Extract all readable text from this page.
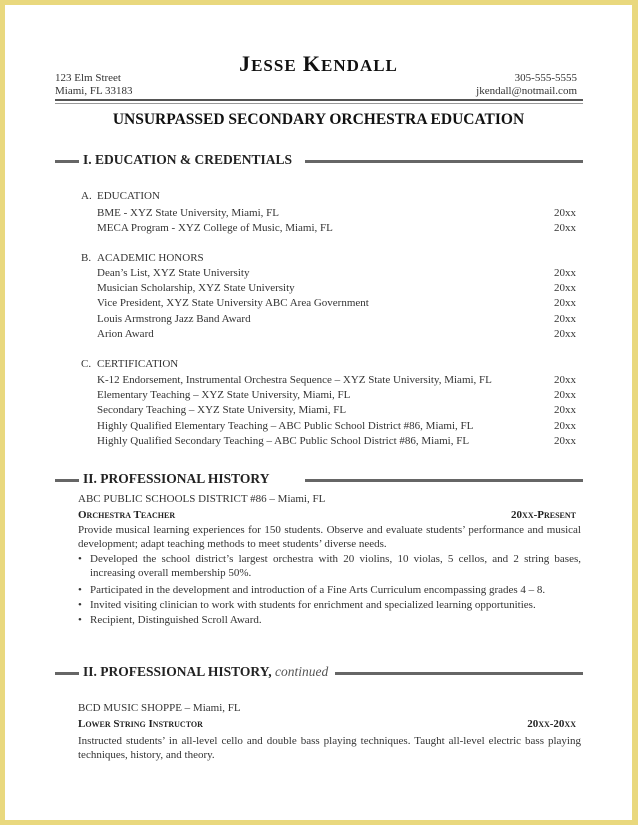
JESSE KENDALL
123 Elm Street
Miami, FL 33183
305-555-5555
jkendall@notmail.com
UNSURPASSED SECONDARY ORCHESTRA EDUCATION
I. EDUCATION & CREDENTIALS
A. EDUCATION
BME - XYZ State University, Miami, FL	20xx
MECA Program - XYZ College of Music, Miami, FL	20xx
B. ACADEMIC HONORS
Dean’s List, XYZ State University	20xx
Musician Scholarship, XYZ State University	20xx
Vice President, XYZ State University ABC Area Government	20xx
Louis Armstrong Jazz Band Award	20xx
Arion Award	20xx
C. CERTIFICATION
K-12 Endorsement, Instrumental Orchestra Sequence – XYZ State University, Miami, FL	20xx
Elementary Teaching – XYZ State University, Miami, FL	20xx
Secondary Teaching – XYZ State University, Miami, FL	20xx
Highly Qualified Elementary Teaching – ABC Public School District #86, Miami, FL	20xx
Highly Qualified Secondary Teaching – ABC Public School District #86, Miami, FL	20xx
II. PROFESSIONAL HISTORY
ABC PUBLIC SCHOOLS DISTRICT #86 – Miami, FL
Orchestra Teacher	20xx-Present
Provide musical learning experiences for 150 students. Observe and evaluate students’ performance and musical development; adapt teaching methods to meet students’ diverse needs.
• Developed the school district’s largest orchestra with 20 violins, 10 violas, 5 cellos, and 2 string bases, increasing overall membership 50%.
• Participated in the development and introduction of a Fine Arts Curriculum encompassing grades 4 – 8.
• Invited visiting clinician to work with students for enrichment and specialized learning opportunities.
• Recipient, Distinguished Scroll Award.
II. PROFESSIONAL HISTORY, continued
BCD MUSIC SHOPPE – Miami, FL
Lower String Instructor	20xx-20xx
Instructed students’ in all-level cello and double bass playing techniques. Taught all-level electric bass playing techniques, history, and theory.
